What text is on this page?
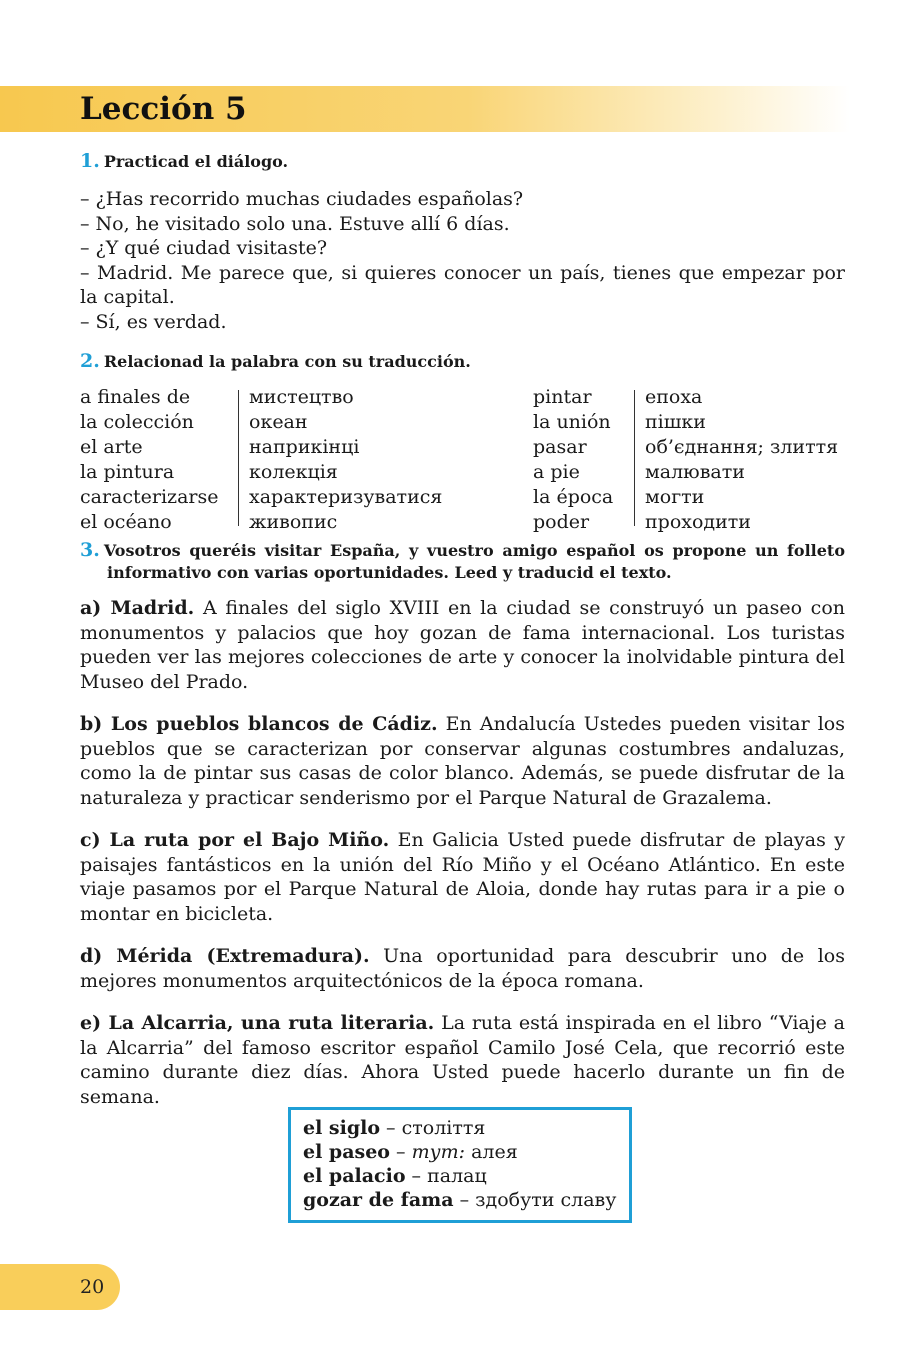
Lección 5
1. Practicad el diálogo.
– ¿Has recorrido muchas ciudades españolas?
– No, he visitado solo una. Estuve allí 6 días.
– ¿Y qué ciudad visitaste?
– Madrid. Me parece que, si quieres conocer un país, tienes que empezar por la capital.
– Sí, es verdad.
2. Relacionad la palabra con su traducción.
a finales de
la colección
el arte
la pintura
caracterizarse
el océano
мистецтво
океан
наприкінці
колекція
характеризуватися
живопис
pintar
la unión
pasar
a pie
la época
poder
епоха
пішки
об’єднання; злиття
малювати
могти
проходити
3. Vosotros queréis visitar España, y vuestro amigo español os propone un folleto informativo con varias oportunidades. Leed y traducid el texto.

a) Madrid. A finales del siglo XVIII en la ciudad se construyó un paseo con monumentos y palacios que hoy gozan de fama internacional. Los turistas pueden ver las mejores colecciones de arte y conocer la inolvidable pintura del Museo del Prado.

b) Los pueblos blancos de Cádiz. En Andalucía Ustedes pueden visitar los pueblos que se caracterizan por conservar algunas costumbres andaluzas, como la de pintar sus casas de color blanco. Además, se puede disfrutar de la naturaleza y practicar senderismo por el Parque Natural de Grazalema.

c) La ruta por el Bajo Miño. En Galicia Usted puede disfrutar de playas y paisajes fantásticos en la unión del Río Miño y el Océano Atlántico. En este viaje pasamos por el Parque Natural de Aloia, donde hay rutas para ir a pie o montar en bicicleta.

d) Mérida (Extremadura). Una oportunidad para descubrir uno de los mejores monumentos arquitectónicos de la época romana.

e) La Alcarria, una ruta literaria. La ruta está inspirada en el libro “Viaje a la Alcarria” del famoso escritor español Camilo José Cela, que recorrió este camino durante diez días. Ahora Usted puede hacerlo durante un fin de semana.

el siglo – століття
el paseo – тут: алея
el palacio – палац
gozar de fama – здобути славу
20
